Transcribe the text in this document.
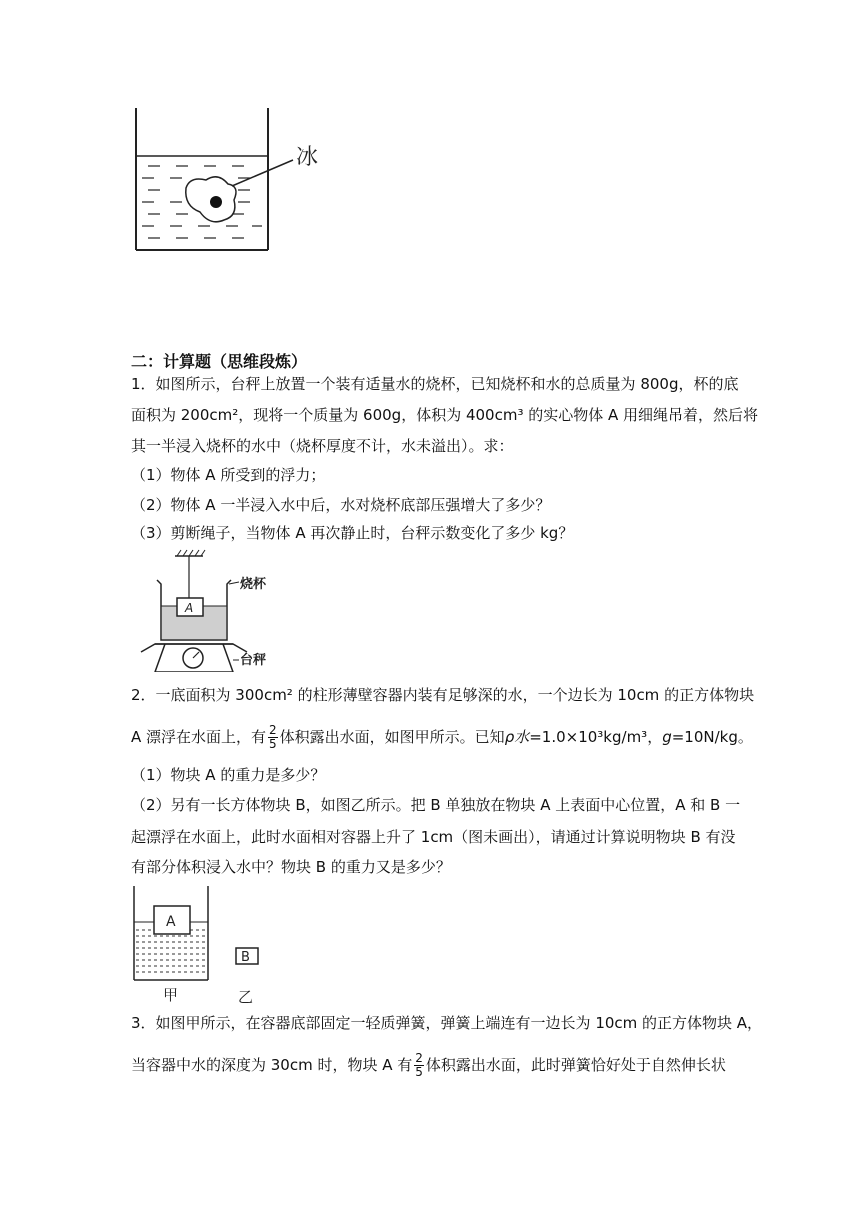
冰
二：计算题（思维段炼）
1．如图所示，台秤上放置一个装有适量水的烧杯，已知烧杯和水的总质量为 800g，杯的底
面积为 200cm²，现将一个质量为 600g，体积为 400cm³ 的实心物体 A 用细绳吊着，然后将
其一半浸入烧杯的水中（烧杯厚度不计，水未溢出）。求：
（1）物体 A 所受到的浮力；
（2）物体 A 一半浸入水中后，水对烧杯底部压强增大了多少？
（3）剪断绳子，当物体 A 再次静止时，台秤示数变化了多少 kg？
A
烧杯
台秤
2．一底面积为 300cm² 的柱形薄壁容器内装有足够深的水，一个边长为 10cm 的正方体物块
A 漂浮在水面上，有 $\frac{2}{5}$ 体积露出水面，如图甲所示。已知ρ水=1.0×10³kg/m³，g=10N/kg。
（1）物块 A 的重力是多少？
（2）另有一长方体物块 B，如图乙所示。把 B 单独放在物块 A 上表面中心位置，A 和 B 一
起漂浮在水面上，此时水面相对容器上升了 1cm（图未画出），请通过计算说明物块 B 有没
有部分体积浸入水中？物块 B 的重力又是多少？
A
B
甲	乙
3．如图甲所示，在容器底部固定一轻质弹簧，弹簧上端连有一边长为 10cm 的正方体物块 A，
当容器中水的深度为 30cm 时，物块 A 有 $\frac{2}{5}$ 体积露出水面，此时弹簧恰好处于自然伸长状
